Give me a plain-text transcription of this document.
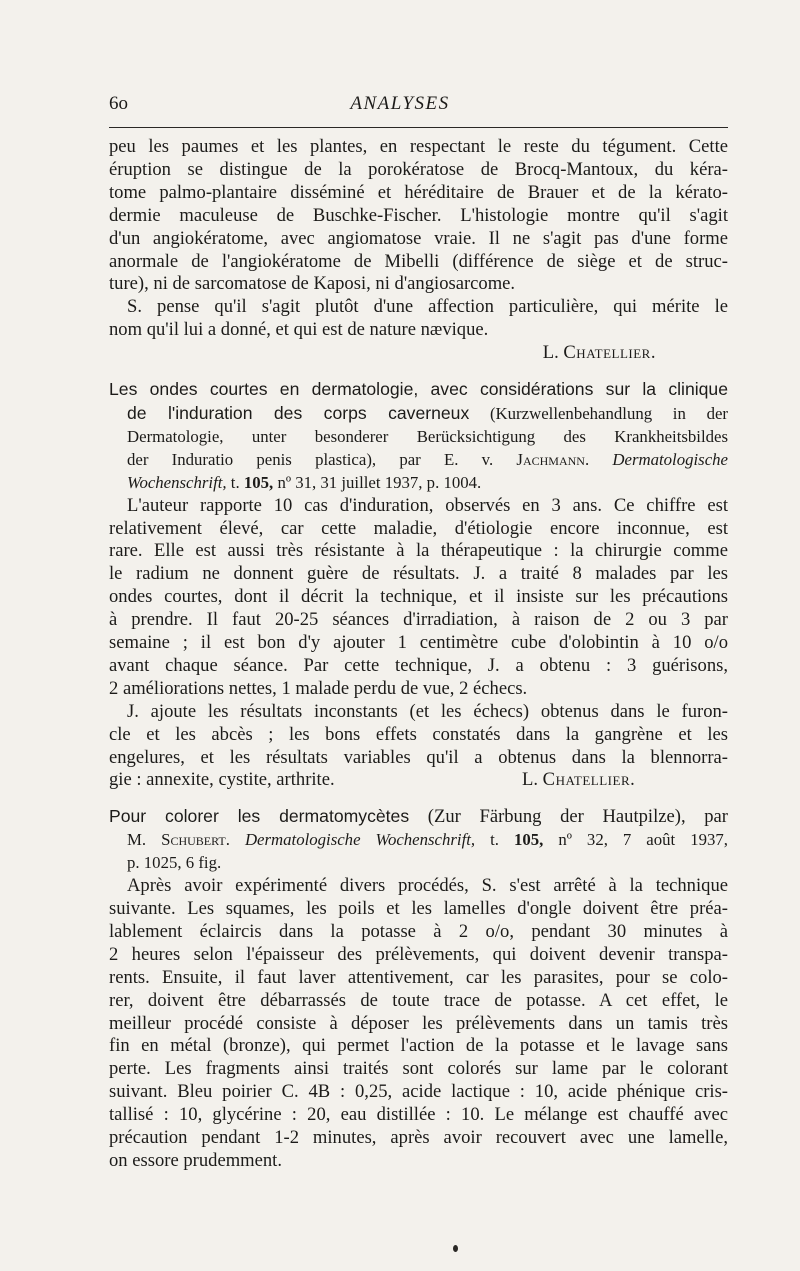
6o	ANALYSES
peu les paumes et les plantes, en respectant le reste du tégument. Cette
éruption se distingue de la porokératose de Brocq-Mantoux, du kéra-
tome palmo-plantaire disséminé et héréditaire de Brauer et de la kérato-
dermie maculeuse de Buschke-Fischer. L'histologie montre qu'il s'agit
d'un angiokératome, avec angiomatose vraie. Il ne s'agit pas d'une forme
anormale de l'angiokératome de Mibelli (différence de siège et de struc-
ture), ni de sarcomatose de Kaposi, ni d'angiosarcome.
S. pense qu'il s'agit plutôt d'une affection particulière, qui mérite le
nom qu'il lui a donné, et qui est de nature nævique.
L. Chatellier.
Les ondes courtes en dermatologie, avec considérations sur la clinique
de l'induration des corps caverneux (Kurzwellenbehandlung in der
Dermatologie, unter besonderer Berücksichtigung des Krankheitsbildes
der Induratio penis plastica), par E. v. Jachmann. Dermatologische
Wochenschrift, t. 105, nº 31, 31 juillet 1937, p. 1004.
L'auteur rapporte 10 cas d'induration, observés en 3 ans. Ce chiffre est
relativement élevé, car cette maladie, d'étiologie encore inconnue, est
rare. Elle est aussi très résistante à la thérapeutique : la chirurgie comme
le radium ne donnent guère de résultats. J. a traité 8 malades par les
ondes courtes, dont il décrit la technique, et il insiste sur les précautions
à prendre. Il faut 20-25 séances d'irradiation, à raison de 2 ou 3 par
semaine ; il est bon d'y ajouter 1 centimètre cube d'olobintin à 10 o/o
avant chaque séance. Par cette technique, J. a obtenu : 3 guérisons,
2 améliorations nettes, 1 malade perdu de vue, 2 échecs.
J. ajoute les résultats inconstants (et les échecs) obtenus dans le furon-
cle et les abcès ; les bons effets constatés dans la gangrène et les
engelures, et les résultats variables qu'il a obtenus dans la blennorra-
gie : annexite, cystite, arthrite.	L. Chatellier.
Pour colorer les dermatomycètes (Zur Färbung der Hautpilze), par
M. Schubert. Dermatologische Wochenschrift, t. 105, nº 32, 7 août 1937,
p. 1025, 6 fig.
Après avoir expérimenté divers procédés, S. s'est arrêté à la technique
suivante. Les squames, les poils et les lamelles d'ongle doivent être préa-
lablement éclaircis dans la potasse à 2 o/o, pendant 30 minutes à
2 heures selon l'épaisseur des prélèvements, qui doivent devenir transpa-
rents. Ensuite, il faut laver attentivement, car les parasites, pour se colo-
rer, doivent être débarrassés de toute trace de potasse. A cet effet, le
meilleur procédé consiste à déposer les prélèvements dans un tamis très
fin en métal (bronze), qui permet l'action de la potasse et le lavage sans
perte. Les fragments ainsi traités sont colorés sur lame par le colorant
suivant. Bleu poirier C. 4B : 0,25, acide lactique : 10, acide phénique cris-
tallisé : 10, glycérine : 20, eau distillée : 10. Le mélange est chauffé avec
précaution pendant 1-2 minutes, après avoir recouvert avec une lamelle,
on essore prudemment.
